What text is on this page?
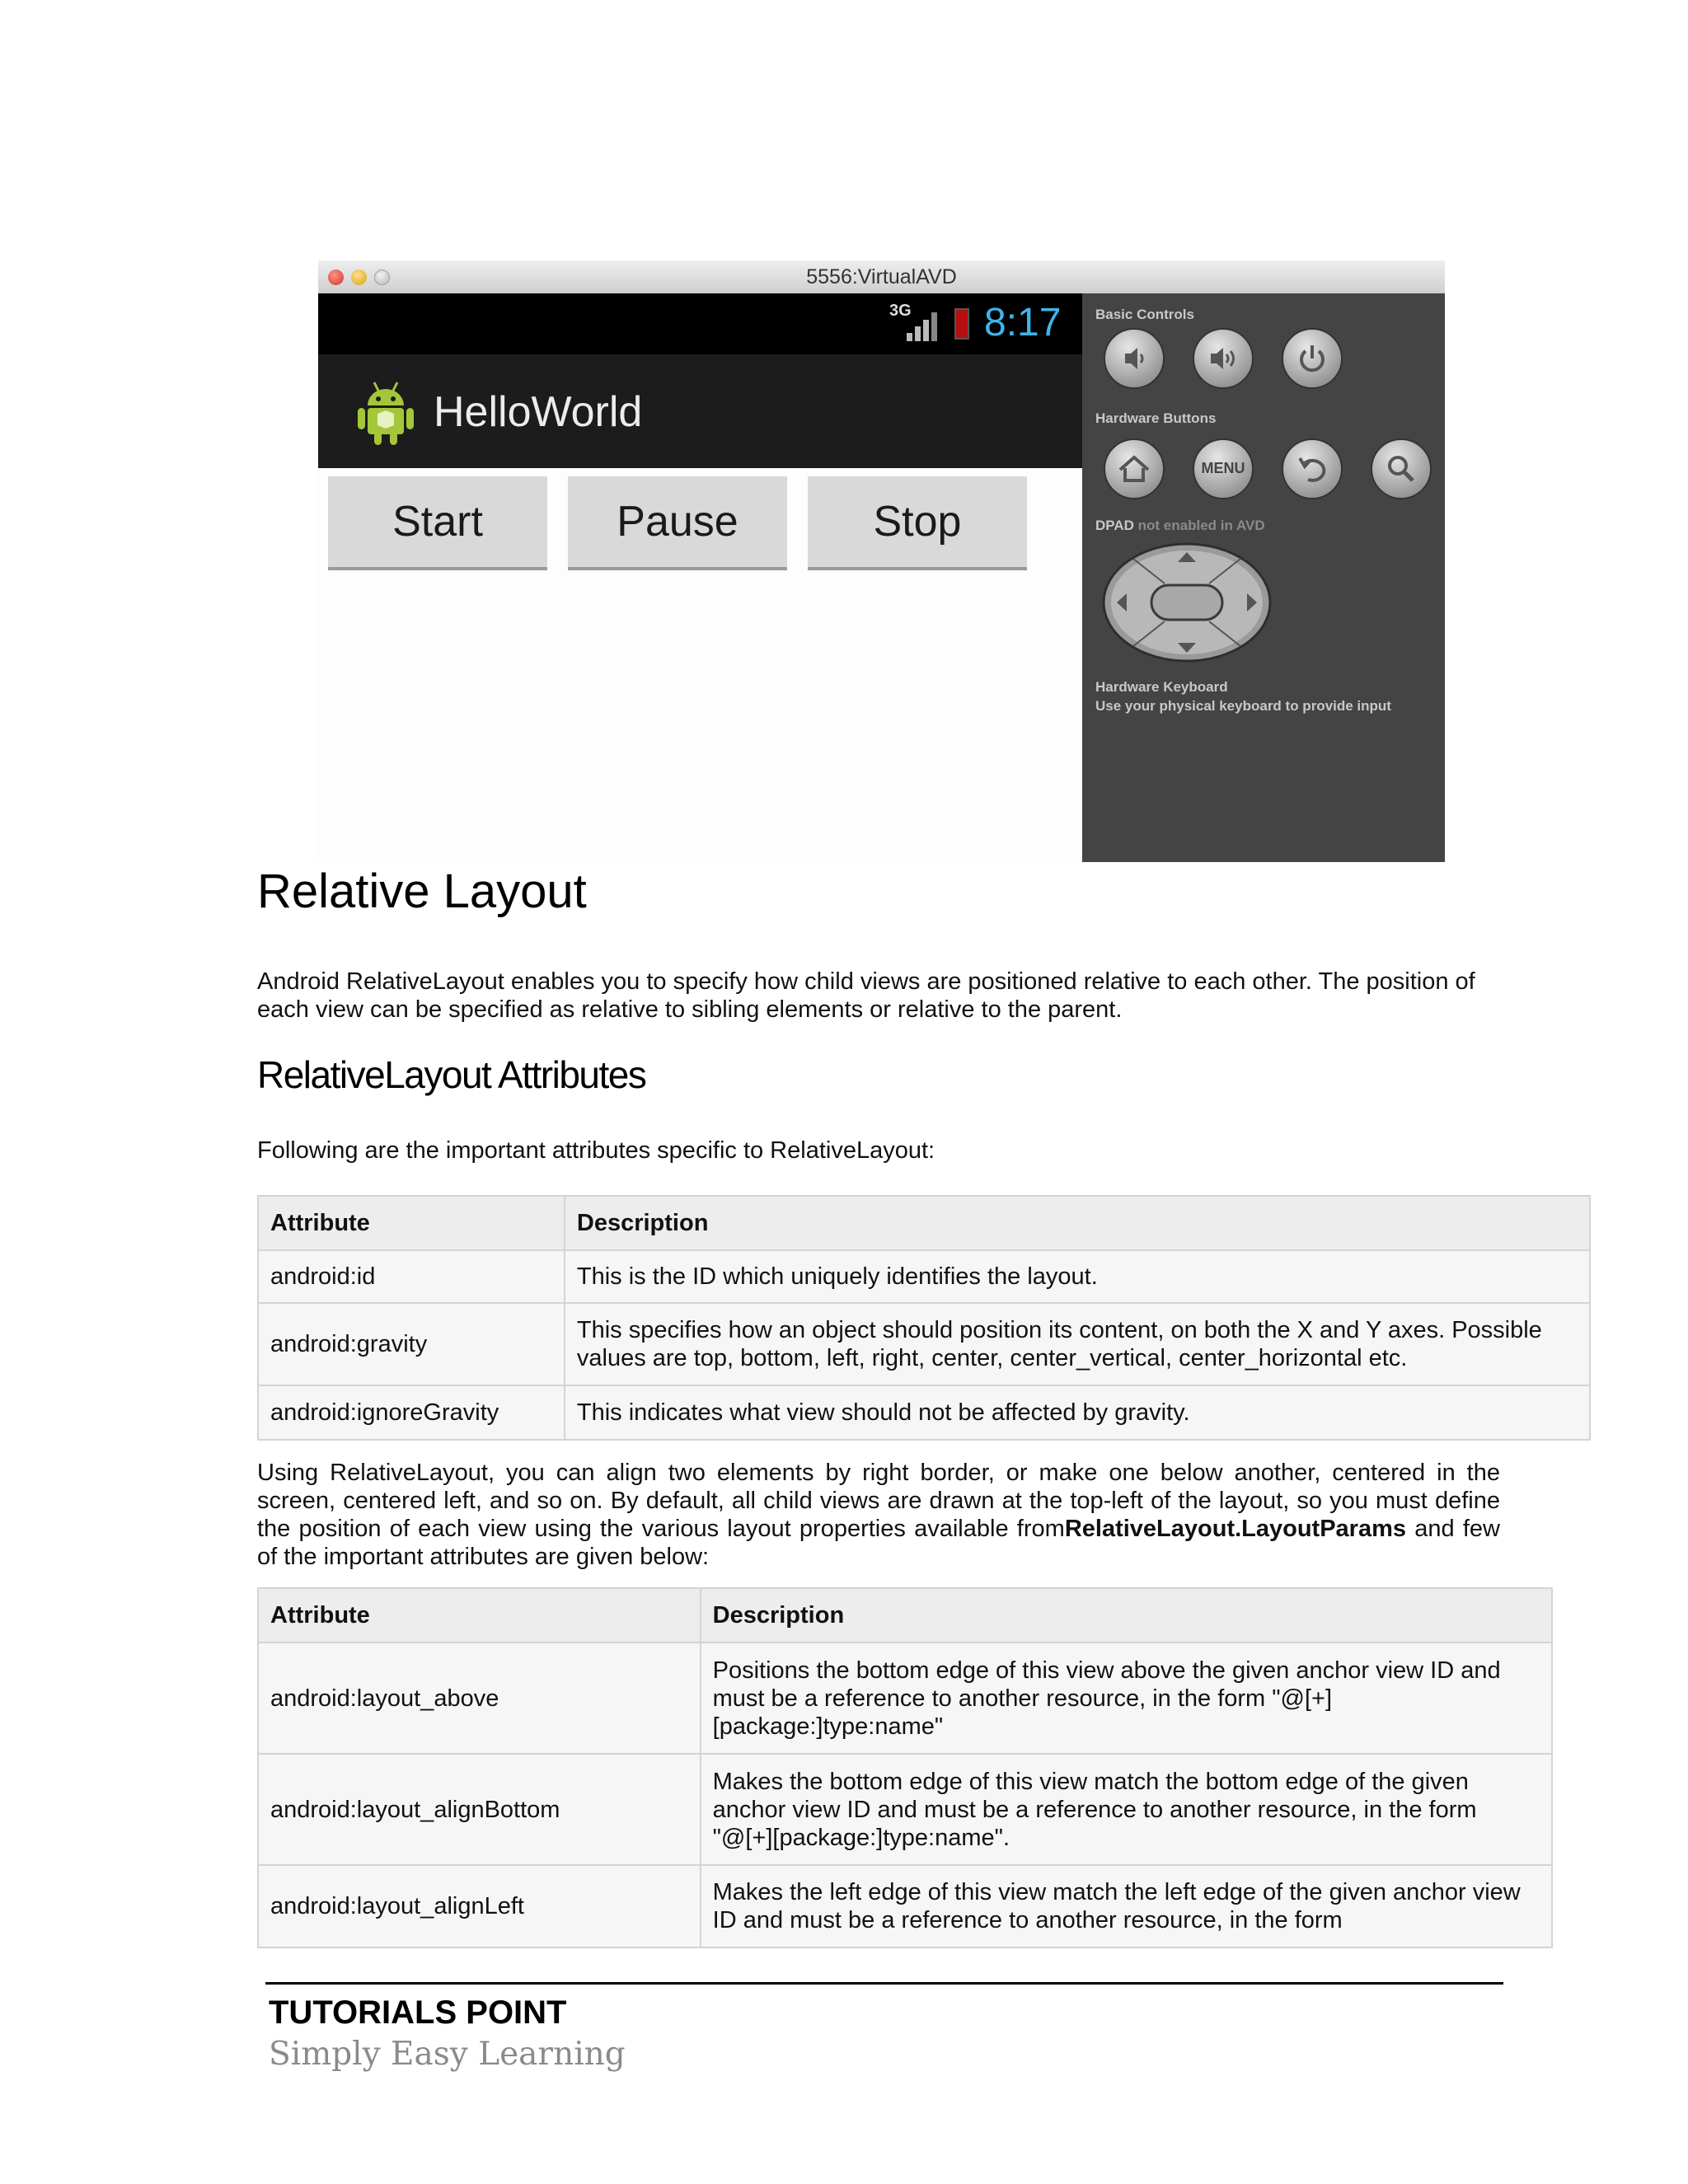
5556:VirtualAVD
3G 8:17
HelloWorld
Start	Pause	Stop
Basic Controls
Hardware Buttons
MENU
DPAD not enabled in AVD
Hardware Keyboard
Use your physical keyboard to provide input
Relative Layout
Android RelativeLayout enables you to specify how child views are positioned relative to each other. The position of each view can be specified as relative to sibling elements or relative to the parent.
RelativeLayout Attributes
Following are the important attributes specific to RelativeLayout:
Attribute	Description
android:id	This is the ID which uniquely identifies the layout.
android:gravity	This specifies how an object should position its content, on both the X and Y axes. Possible values are top, bottom, left, right, center, center_vertical, center_horizontal etc.
android:ignoreGravity	This indicates what view should not be affected by gravity.
Using RelativeLayout, you can align two elements by right border, or make one below another, centered in the screen, centered left, and so on. By default, all child views are drawn at the top-left of the layout, so you must define the position of each view using the various layout properties available fromRelativeLayout.LayoutParams and few of the important attributes are given below:
Attribute	Description
android:layout_above	Positions the bottom edge of this view above the given anchor view ID and must be a reference to another resource, in the form "@[+][package:]type:name"
android:layout_alignBottom	Makes the bottom edge of this view match the bottom edge of the given anchor view ID and must be a reference to another resource, in the form "@[+][package:]type:name".
android:layout_alignLeft	Makes the left edge of this view match the left edge of the given anchor view ID and must be a reference to another resource, in the form
TUTORIALS POINT
Simply Easy Learning
